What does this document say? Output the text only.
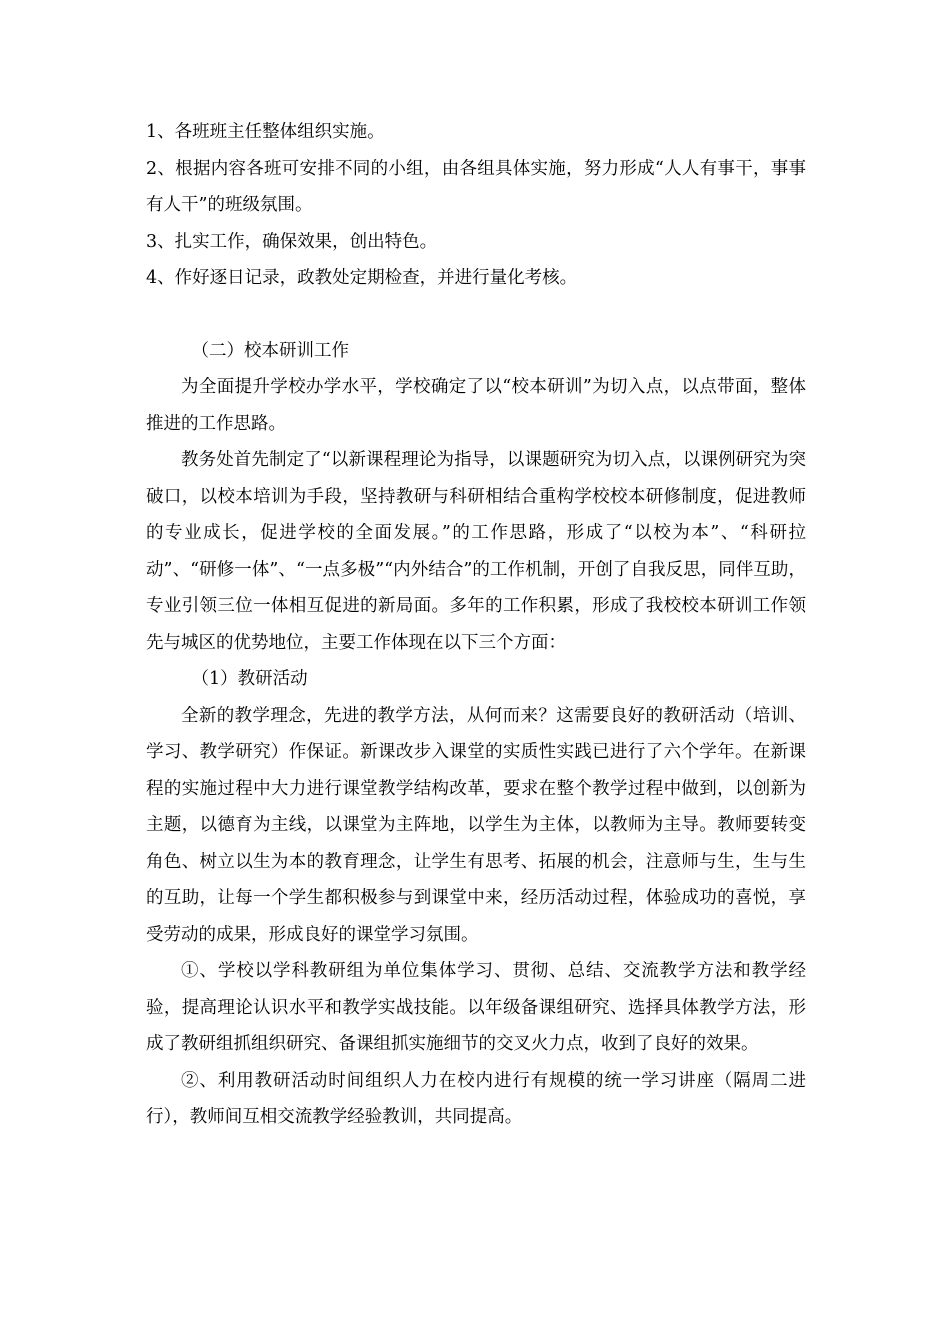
1、各班班主任整体组织实施。

2、根据内容各班可安排不同的小组，由各组具体实施，努力形成“人人有事干，事事有人干”的班级氛围。

3、扎实工作，确保效果，创出特色。

4、作好逐日记录，政教处定期检查，并进行量化考核。

（二）校本研训工作

为全面提升学校办学水平，学校确定了以“校本研训”为切入点，以点带面，整体推进的工作思路。

教务处首先制定了“以新课程理论为指导，以课题研究为切入点，以课例研究为突破口，以校本培训为手段，坚持教研与科研相结合重构学校校本研修制度，促进教师的专业成长，促进学校的全面发展。”的工作思路，形成了“以校为本”、“科研拉动”、“研修一体”、“一点多极”“内外结合”的工作机制，开创了自我反思，同伴互助，专业引领三位一体相互促进的新局面。多年的工作积累，形成了我校校本研训工作领先与城区的优势地位，主要工作体现在以下三个方面：

（1）教研活动

全新的教学理念，先进的教学方法，从何而来？这需要良好的教研活动（培训、学习、教学研究）作保证。新课改步入课堂的实质性实践已进行了六个学年。在新课程的实施过程中大力进行课堂教学结构改革，要求在整个教学过程中做到，以创新为主题，以德育为主线，以课堂为主阵地，以学生为主体，以教师为主导。教师要转变角色、树立以生为本的教育理念，让学生有思考、拓展的机会，注意师与生，生与生的互助，让每一个学生都积极参与到课堂中来，经历活动过程，体验成功的喜悦，享受劳动的成果，形成良好的课堂学习氛围。

①、学校以学科教研组为单位集体学习、贯彻、总结、交流教学方法和教学经验，提高理论认识水平和教学实战技能。以年级备课组研究、选择具体教学方法，形成了教研组抓组织研究、备课组抓实施细节的交叉火力点，收到了良好的效果。

②、利用教研活动时间组织人力在校内进行有规模的统一学习讲座（隔周二进行），教师间互相交流教学经验教训，共同提高。
